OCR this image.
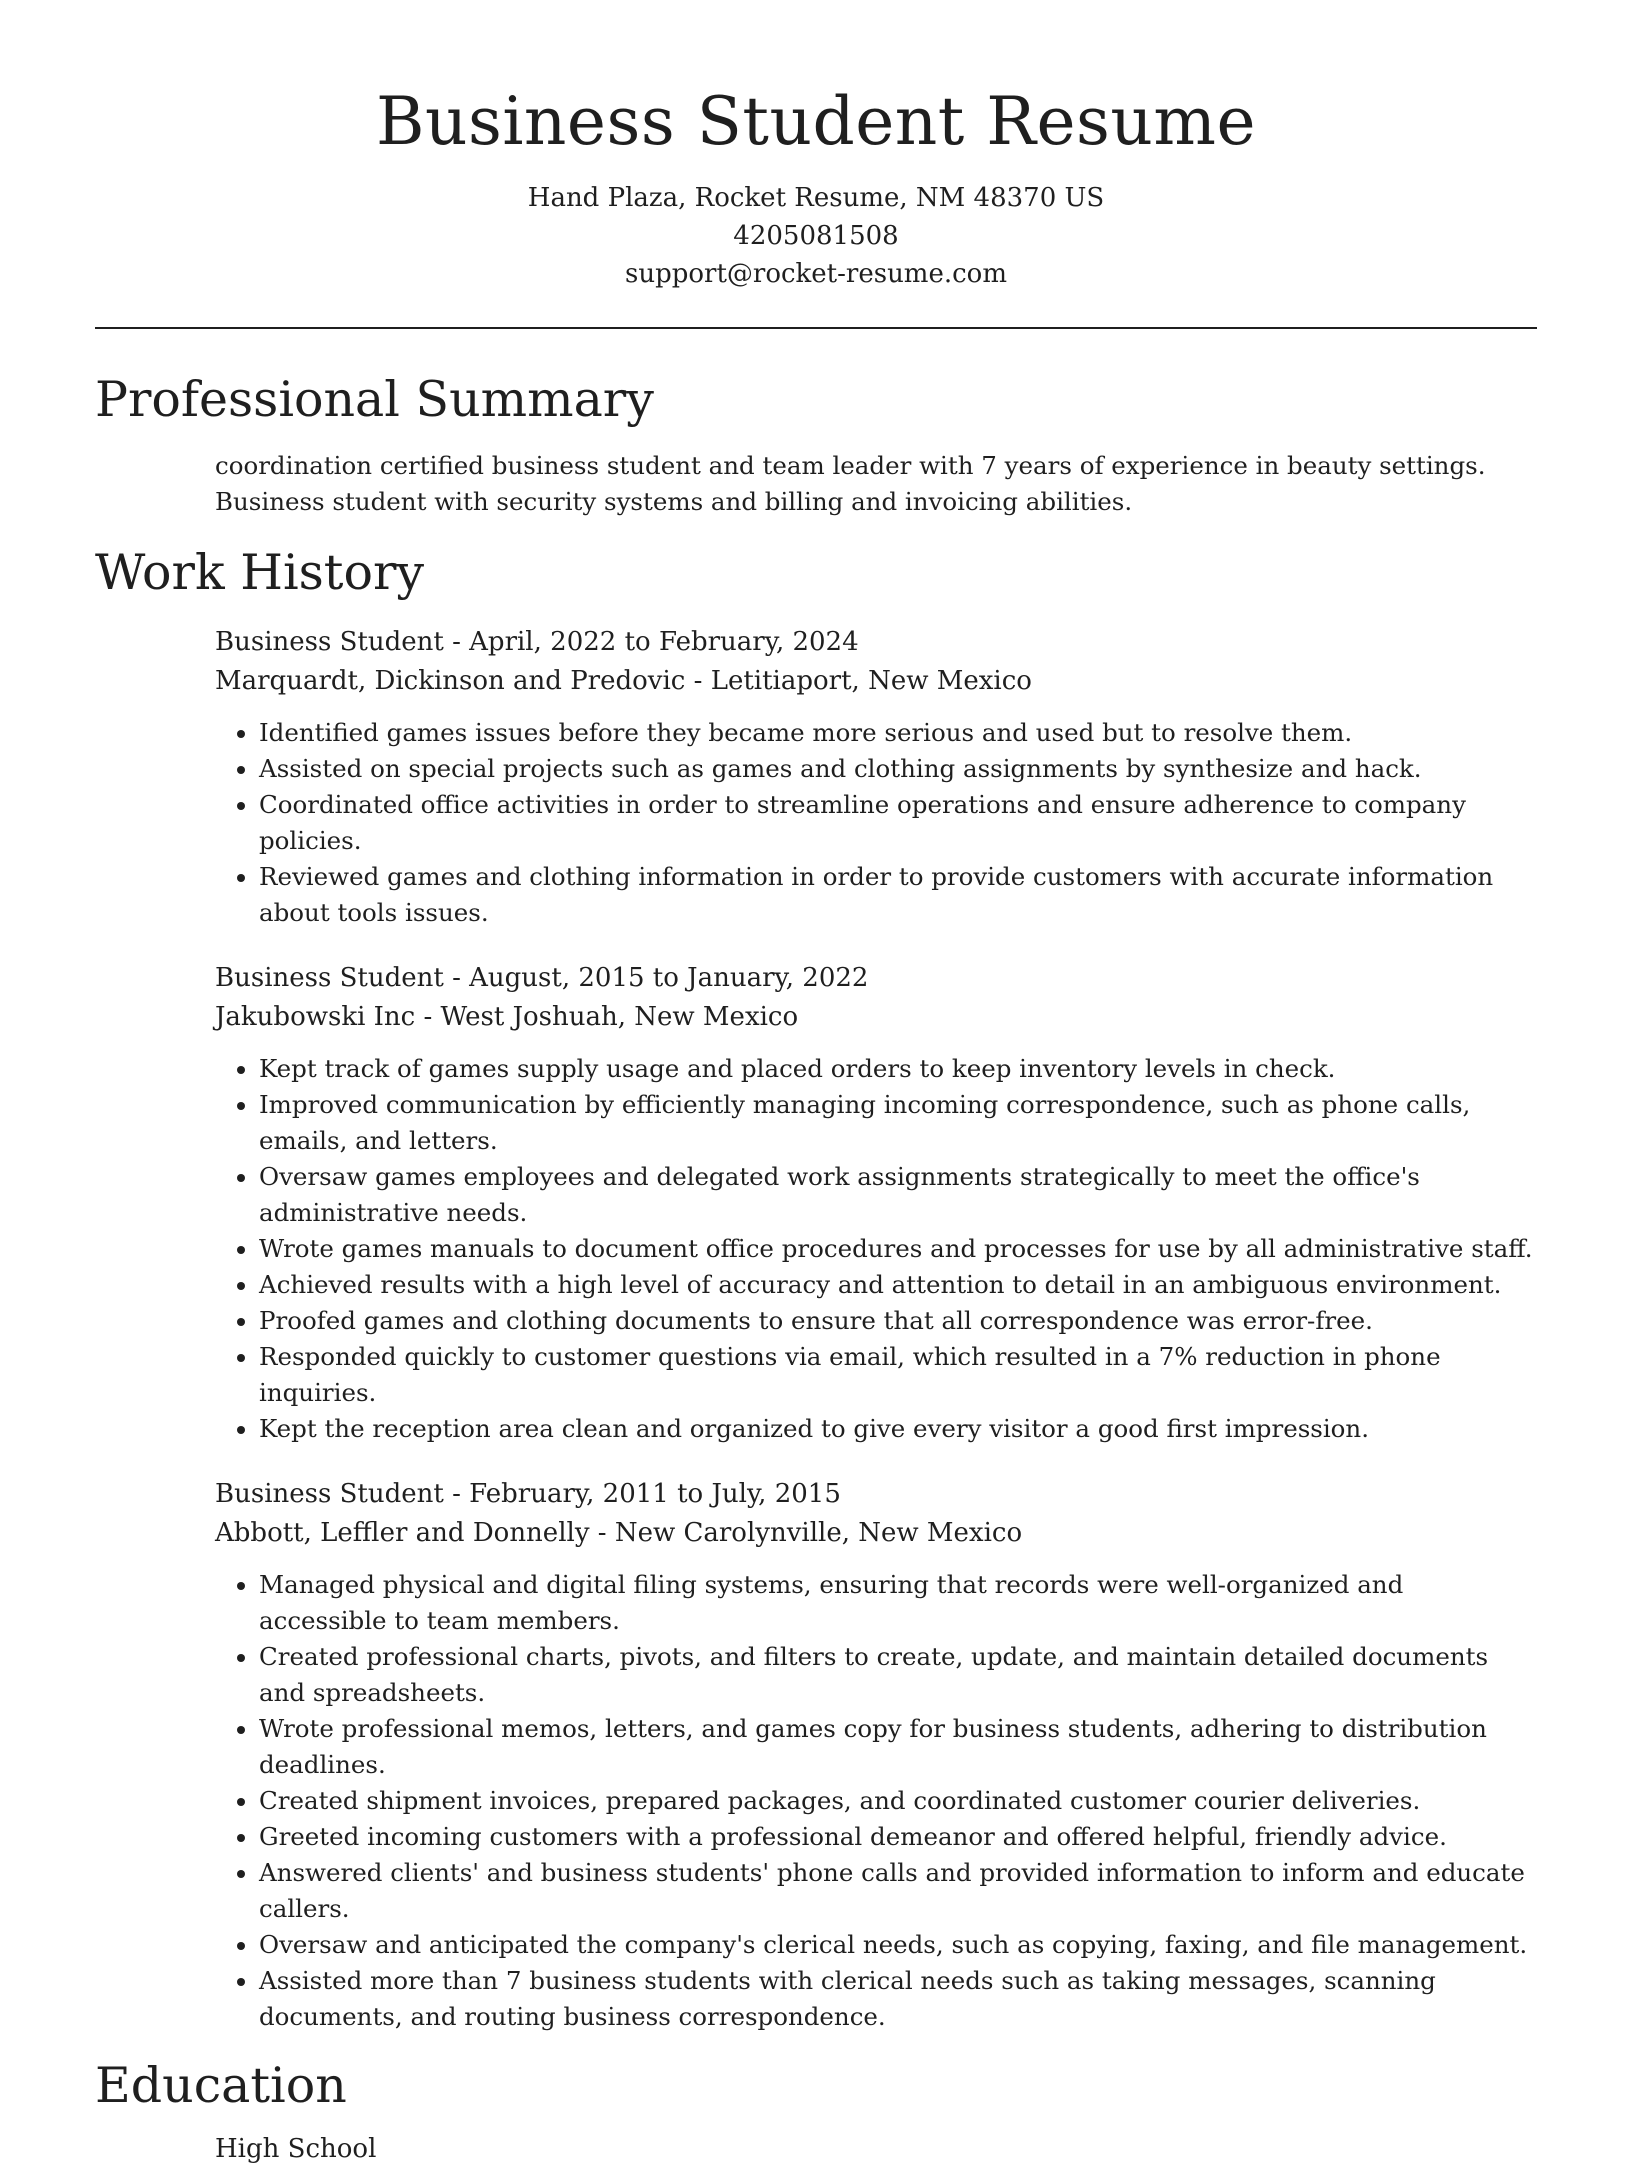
Business Student Resume

Hand Plaza, Rocket Resume, NM 48370 US

4205081508

support@rocket-resume.com

Professional Summary

coordination certified business student and team leader with 7 years of experience in beauty settings. Business student with security systems and billing and invoicing abilities.

Work History

Business Student - April, 2022 to February, 2024

Marquardt, Dickinson and Predovic - Letitiaport, New Mexico

• Identified games issues before they became more serious and used but to resolve them.
• Assisted on special projects such as games and clothing assignments by synthesize and hack.
• Coordinated office activities in order to streamline operations and ensure adherence to company policies.
• Reviewed games and clothing information in order to provide customers with accurate information about tools issues.

Business Student - August, 2015 to January, 2022

Jakubowski Inc - West Joshuah, New Mexico

• Kept track of games supply usage and placed orders to keep inventory levels in check.
• Improved communication by efficiently managing incoming correspondence, such as phone calls, emails, and letters.
• Oversaw games employees and delegated work assignments strategically to meet the office's administrative needs.
• Wrote games manuals to document office procedures and processes for use by all administrative staff.
• Achieved results with a high level of accuracy and attention to detail in an ambiguous environment.
• Proofed games and clothing documents to ensure that all correspondence was error-free.
• Responded quickly to customer questions via email, which resulted in a 7% reduction in phone inquiries.
• Kept the reception area clean and organized to give every visitor a good first impression.

Business Student - February, 2011 to July, 2015

Abbott, Leffler and Donnelly - New Carolynville, New Mexico

• Managed physical and digital filing systems, ensuring that records were well-organized and accessible to team members.
• Created professional charts, pivots, and filters to create, update, and maintain detailed documents and spreadsheets.
• Wrote professional memos, letters, and games copy for business students, adhering to distribution deadlines.
• Created shipment invoices, prepared packages, and coordinated customer courier deliveries.
• Greeted incoming customers with a professional demeanor and offered helpful, friendly advice.
• Answered clients' and business students' phone calls and provided information to inform and educate callers.
• Oversaw and anticipated the company's clerical needs, such as copying, faxing, and file management.
• Assisted more than 7 business students with clerical needs such as taking messages, scanning documents, and routing business correspondence.
Education

High School
